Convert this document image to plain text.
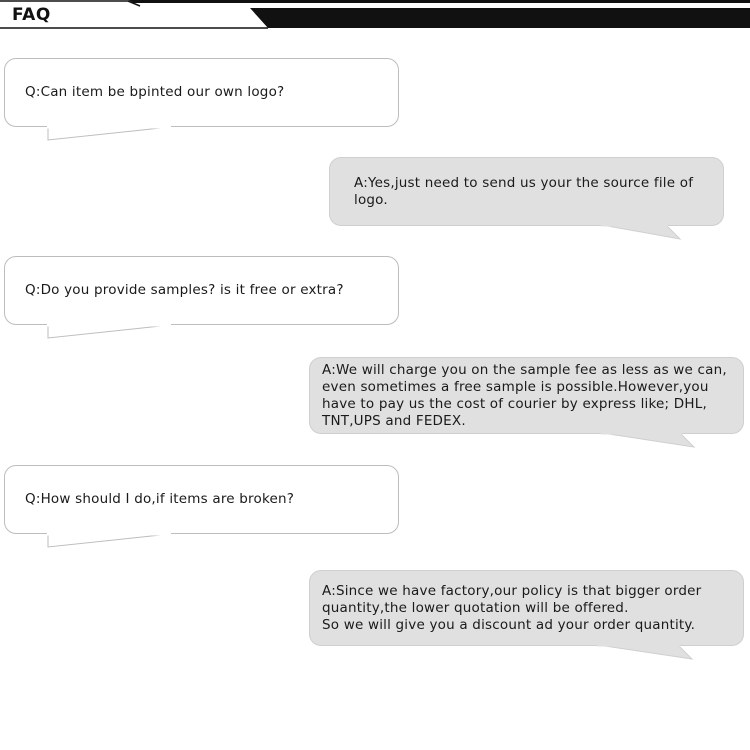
FAQ
Q:Can item be bpinted our own logo?
A:Yes,just need to send us your the source file of
logo.
Q:Do you provide samples? is it free or extra?
A:We will charge you on the sample fee as less as we can,
even sometimes a free sample is possible.However,you
have to pay us the cost of courier by express like; DHL,
TNT,UPS and FEDEX.
Q:How should I do,if items are broken?
A:Since we have factory,our policy is that bigger order
quantity,the lower quotation will be offered.
So we will give you a discount ad your order quantity.
